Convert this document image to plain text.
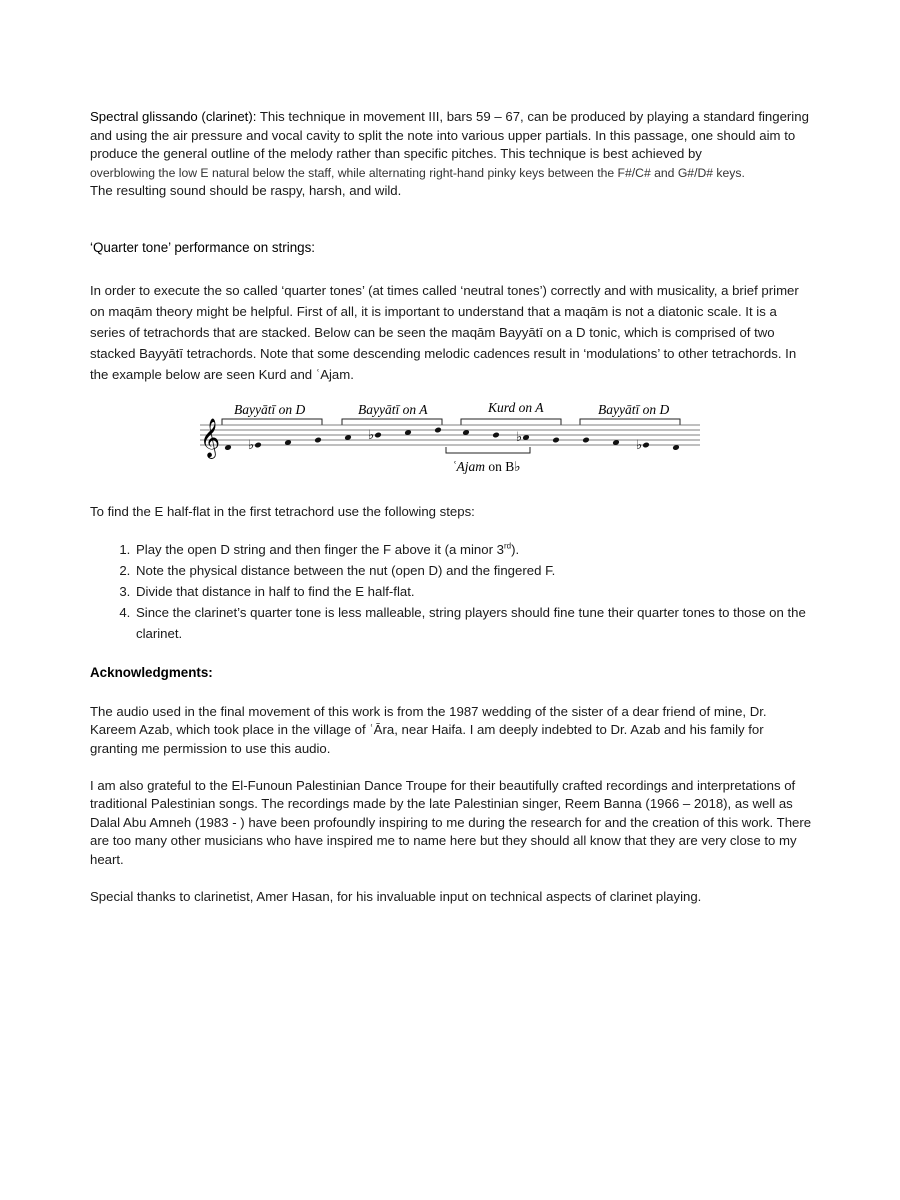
Spectral glissando (clarinet): This technique in movement III, bars 59 – 67, can be produced by playing a standard fingering and using the air pressure and vocal cavity to split the note into various upper partials. In this passage, one should aim to produce the general outline of the melody rather than specific pitches. This technique is best achieved by
overblowing the low E natural below the staff, while alternating right-hand pinky keys between the F#/C# and G#/D# keys.
The resulting sound should be raspy, harsh, and wild.

‘Quarter tone’ performance on strings:

In order to execute the so called ‘quarter tones’ (at times called ‘neutral tones’) correctly and with musicality, a brief primer on maqām theory might be helpful. First of all, it is important to understand that a maqām is not a diatonic scale. It is a series of tetrachords that are stacked. Below can be seen the maqām Bayyātī on a D tonic, which is comprised of two stacked Bayyātī tetrachords. Note that some descending melodic cadences result in ‘modulations’ to other tetrachords. In the example below are seen Kurd and ʿAjam.

Bayyātī on D	Bayyātī on A	Kurd on A	Bayyātī on D
𝄞 ♭
♭	♭
♭
ʿAjam on B♭

To find the E half-flat in the first tetrachord use the following steps:

1. Play the open D string and then finger the F above it (a minor 3rd).
2. Note the physical distance between the nut (open D) and the fingered F.
3. Divide that distance in half to find the E half-flat.
4. Since the clarinet’s quarter tone is less malleable, string players should fine tune their quarter tones to those on the clarinet.

Acknowledgments:

The audio used in the final movement of this work is from the 1987 wedding of the sister of a dear friend of mine, Dr. Kareem Azab, which took place in the village of ʿĀra, near Haifa. I am deeply indebted to Dr. Azab and his family for granting me permission to use this audio.

I am also grateful to the El-Funoun Palestinian Dance Troupe for their beautifully crafted recordings and interpretations of traditional Palestinian songs. The recordings made by the late Palestinian singer, Reem Banna (1966 – 2018), as well as Dalal Abu Amneh (1983 - ) have been profoundly inspiring to me during the research for and the creation of this work. There are too many other musicians who have inspired me to name here but they should all know that they are very close to my heart.

Special thanks to clarinetist, Amer Hasan, for his invaluable input on technical aspects of clarinet playing.
